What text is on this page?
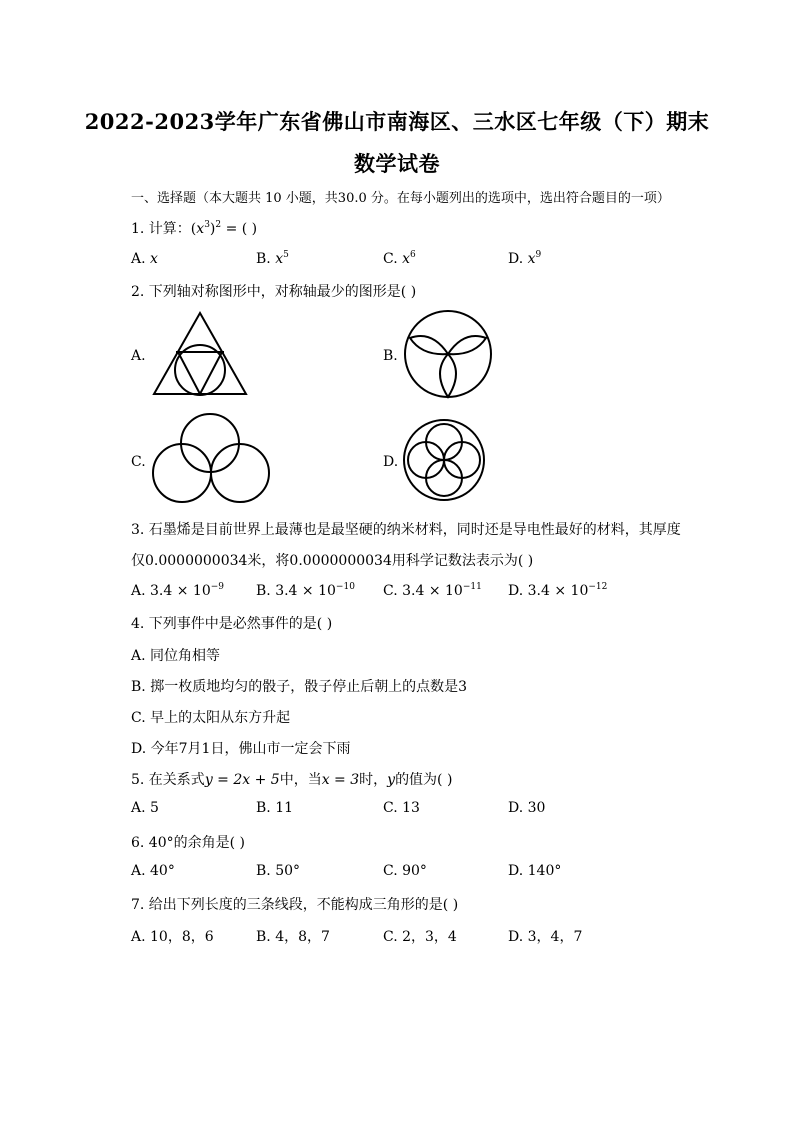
2022-2023学年广东省佛山市南海区、三水区七年级（下）期末
数学试卷
一、选择题（本大题共 10 小题，共30.0 分。在每小题列出的选项中，选出符合题目的一项）
1. 计算：$(x^3)^2$ = ( )
A. x	B. $x^5$	C. $x^6$	D. $x^9$
2. 下列轴对称图形中，对称轴最少的图形是( )
A.	B.
C.	D.
3. 石墨烯是目前世界上最薄也是最坚硬的纳米材料，同时还是导电性最好的材料，其厚度
仅0.0000000034米，将0.0000000034用科学记数法表示为( )
A. $3.4 \times 10^{-9}$ B. $3.4 \times 10^{-10}$ C. $3.4 \times 10^{-11}$ D. $3.4 \times 10^{-12}$
4. 下列事件中是必然事件的是( )
A. 同位角相等
B. 掷一枚质地均匀的骰子，骰子停止后朝上的点数是3
C. 早上的太阳从东方升起
D. 今年7月1日，佛山市一定会下雨
5. 在关系式y = 2x + 5中，当x = 3时，y的值为( )
A. 5	B. 11	C. 13	D. 30
6. 40°的余角是( )
A. 40°	B. 50°	C. 90°	D. 140°
7. 给出下列长度的三条线段，不能构成三角形的是( )
A. 10，8，6	B. 4，8，7	C. 2，3，4	D. 3，4，7
